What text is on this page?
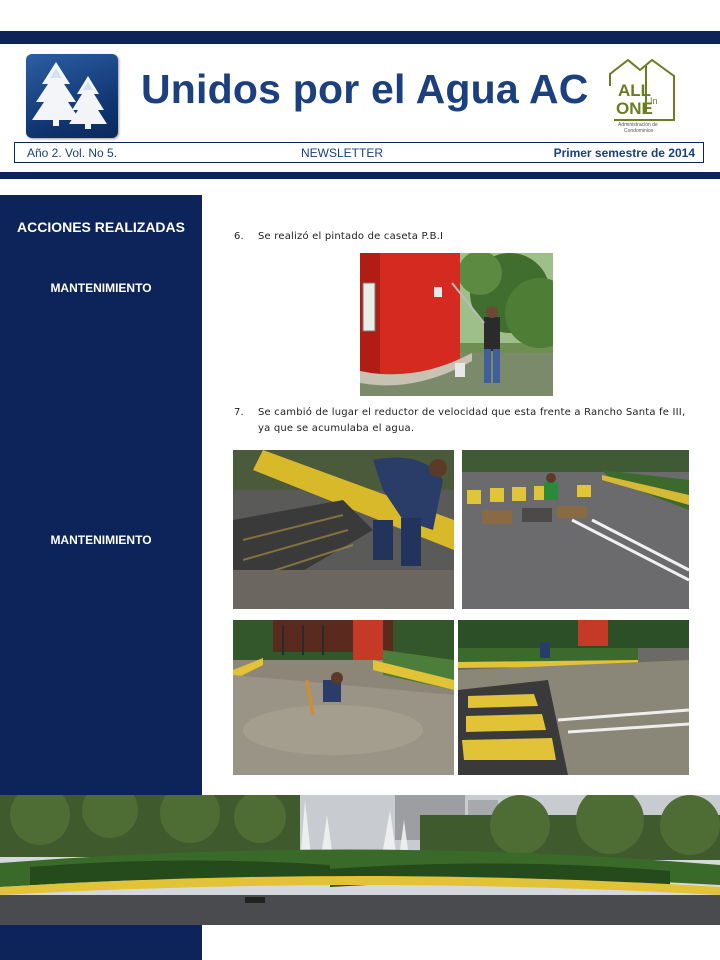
Unidos por el Agua AC ALL
In
ONE
Administración de
Condominios
Año 2. Vol. No 5.	NEWSLETTER	Primer semestre de 2014
ACCIONES REALIZADAS
MANTENIMIENTO
MANTENIMIENTO
6. Se realizó el pintado de caseta P.B.I
7. Se cambió de lugar el reductor de velocidad que esta frente a Rancho Santa fe III,
ya que se acumulaba el agua.
